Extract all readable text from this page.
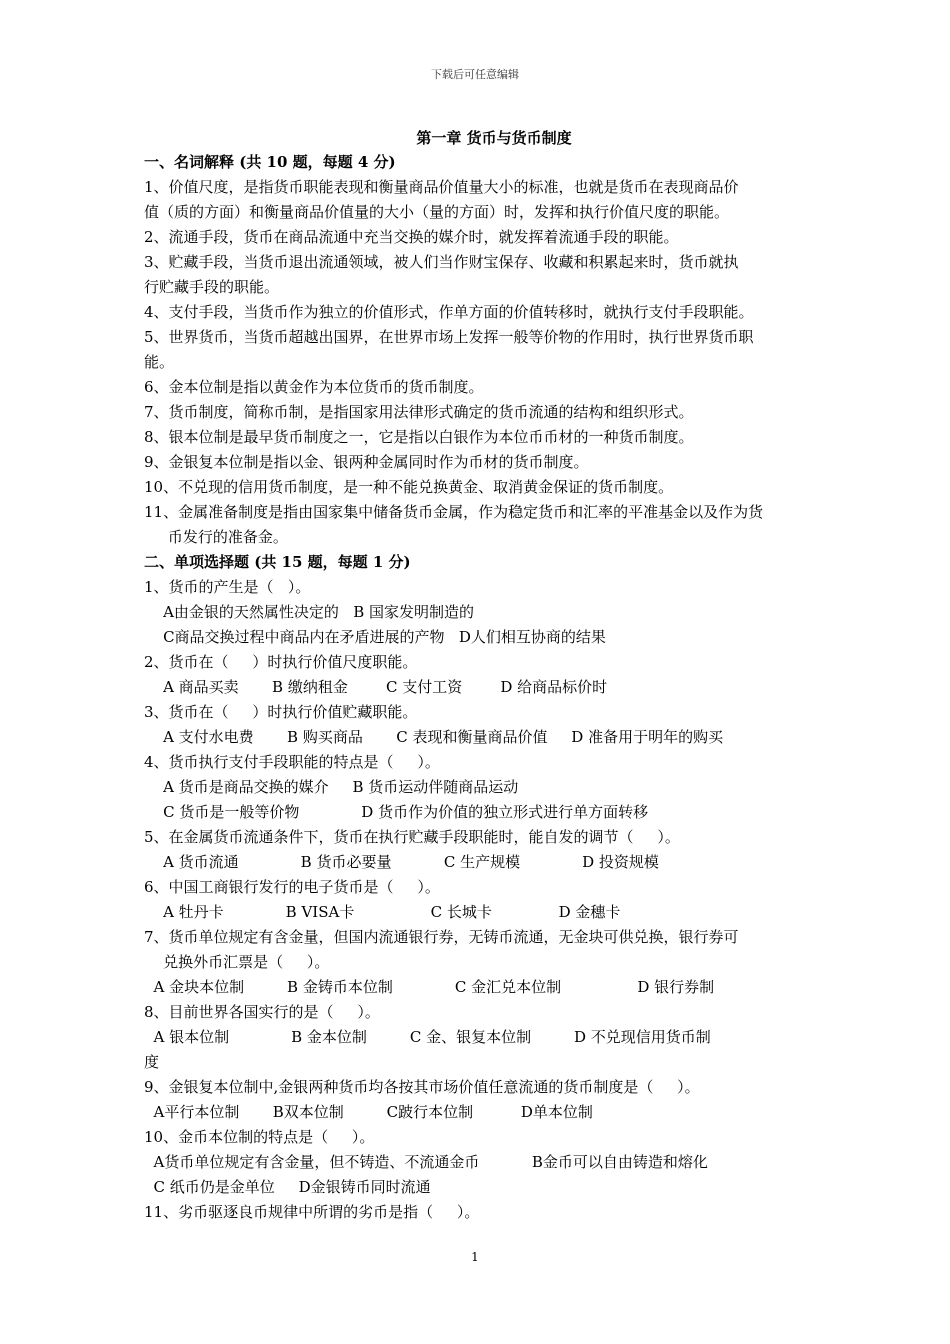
下载后可任意编辑
第一章 货币与货币制度
一、名词解释 (共 10 题，每题 4 分)
1、价值尺度，是指货币职能表现和衡量商品价值量大小的标准，也就是货币在表现商品价
值（质的方面）和衡量商品价值量的大小（量的方面）时，发挥和执行价值尺度的职能。
2、流通手段，货币在商品流通中充当交换的媒介时，就发挥着流通手段的职能。
3、贮藏手段，当货币退出流通领域，被人们当作财宝保存、收藏和积累起来时，货币就执
行贮藏手段的职能。
4、支付手段，当货币作为独立的价值形式，作单方面的价值转移时，就执行支付手段职能。
5、世界货币，当货币超越出国界，在世界市场上发挥一般等价物的作用时，执行世界货币职
能。
6、金本位制是指以黄金作为本位货币的货币制度。
7、货币制度，简称币制，是指国家用法律形式确定的货币流通的结构和组织形式。
8、银本位制是最早货币制度之一，它是指以白银作为本位币币材的一种货币制度。
9、金银复本位制是指以金、银两种金属同时作为币材的货币制度。
10、不兑现的信用货币制度，是一种不能兑换黄金、取消黄金保证的货币制度。
11、金属准备制度是指由国家集中储备货币金属，作为稳定货币和汇率的平准基金以及作为货
币发行的准备金。
二、单项选择题 (共 15 题，每题 1 分)
1、货币的产生是（   ）。
A由金银的天然属性决定的   B 国家发明制造的
C商品交换过程中商品内在矛盾进展的产物   D人们相互协商的结果
2、货币在（     ）时执行价值尺度职能。
A 商品买卖       B 缴纳租金        C 支付工资        D 给商品标价时
3、货币在（     ）时执行价值贮藏职能。
A 支付水电费       B 购买商品       C 表现和衡量商品价值     D 准备用于明年的购买
4、货币执行支付手段职能的特点是（     ）。
A 货币是商品交换的媒介     B 货币运动伴随商品运动
C 货币是一般等价物             D 货币作为价值的独立形式进行单方面转移
5、在金属货币流通条件下，货币在执行贮藏手段职能时，能自发的调节（     ）。
A 货币流通             B 货币必要量           C 生产规模             D 投资规模
6、中国工商银行发行的电子货币是（     ）。
A 牡丹卡             B VISA卡                C 长城卡              D 金穗卡
7、货币单位规定有含金量，但国内流通银行券，无铸币流通，无金块可供兑换，银行券可
兑换外币汇票是（     ）。
A 金块本位制         B 金铸币本位制             C 金汇兑本位制                D 银行券制
8、目前世界各国实行的是（     ）。
A 银本位制             B 金本位制         C 金、银复本位制         D 不兑现信用货币制
度
9、金银复本位制中,金银两种货币均各按其市场价值任意流通的货币制度是（     ）。
A平行本位制       B双本位制         C跛行本位制          D单本位制
10、金币本位制的特点是（     ）。
A货币单位规定有含金量，但不铸造、不流通金币           B金币可以自由铸造和熔化
C 纸币仍是金单位     D金银铸币同时流通
11、劣币驱逐良币规律中所谓的劣币是指（     ）。
1
